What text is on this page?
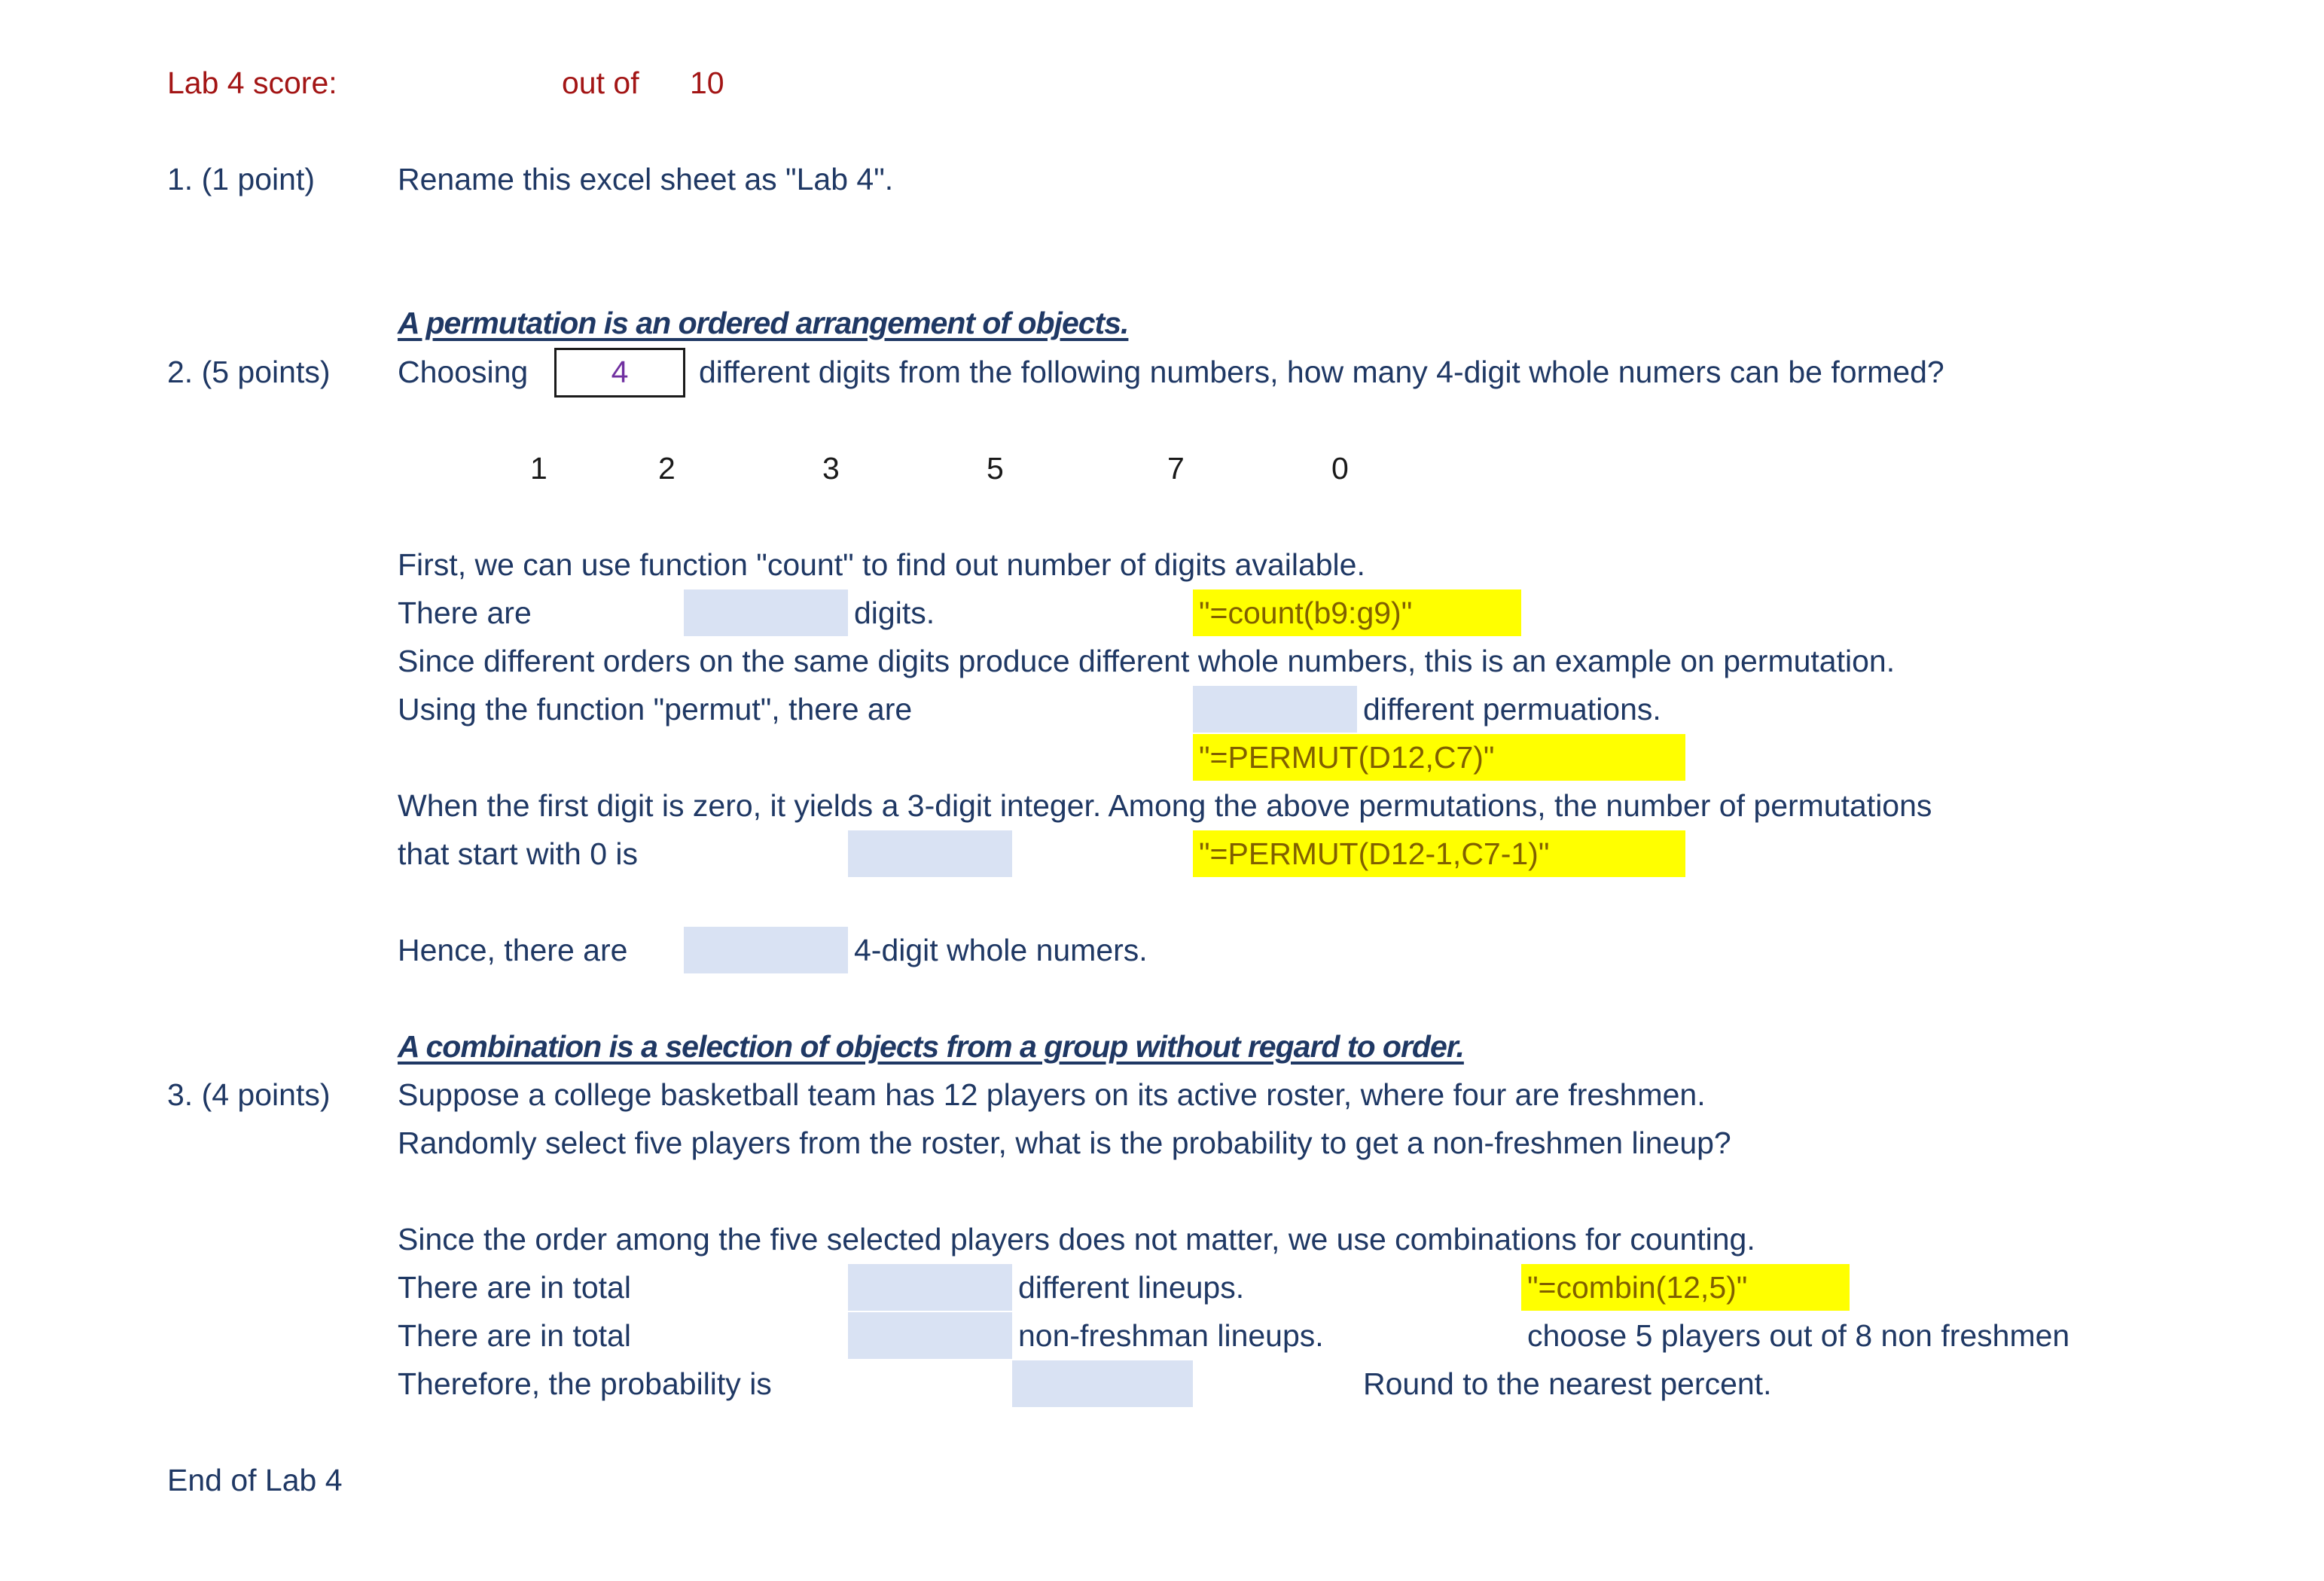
Lab 4 score:	out of 10
1. (1 point)	Rename this excel sheet as "Lab 4".
A permutation is an ordered arrangement of objects.
2. (5 points) Choosing	4	different digits from the following numbers, how many 4-digit whole numers can be formed?
1	2	3	5	7	0
First, we can use function "count" to find out number of digits available.
There are	digits.	"=count(b9:g9)"
Since different orders on the same digits produce different whole numbers, this is an example on permutation.
Using the function "permut", there are	different permuations.
"=PERMUT(D12,C7)"
When the first digit is zero, it yields a 3-digit integer. Among the above permutations, the number of permutations
that start with 0 is	"=PERMUT(D12-1,C7-1)"
Hence, there are	4-digit whole numers.
A combination is a selection of objects from a group without regard to order.
3. (4 points) Suppose a college basketball team has 12 players on its active roster, where four are freshmen.
Randomly select five players from the roster, what is the probability to get a non-freshmen lineup?
Since the order among the five selected players does not matter, we use combinations for counting.
There are in total	different lineups.	"=combin(12,5)"
There are in total	non-freshman lineups.	choose 5 players out of 8 non freshmen
Therefore, the probability is	Round to the nearest percent.
End of Lab 4
